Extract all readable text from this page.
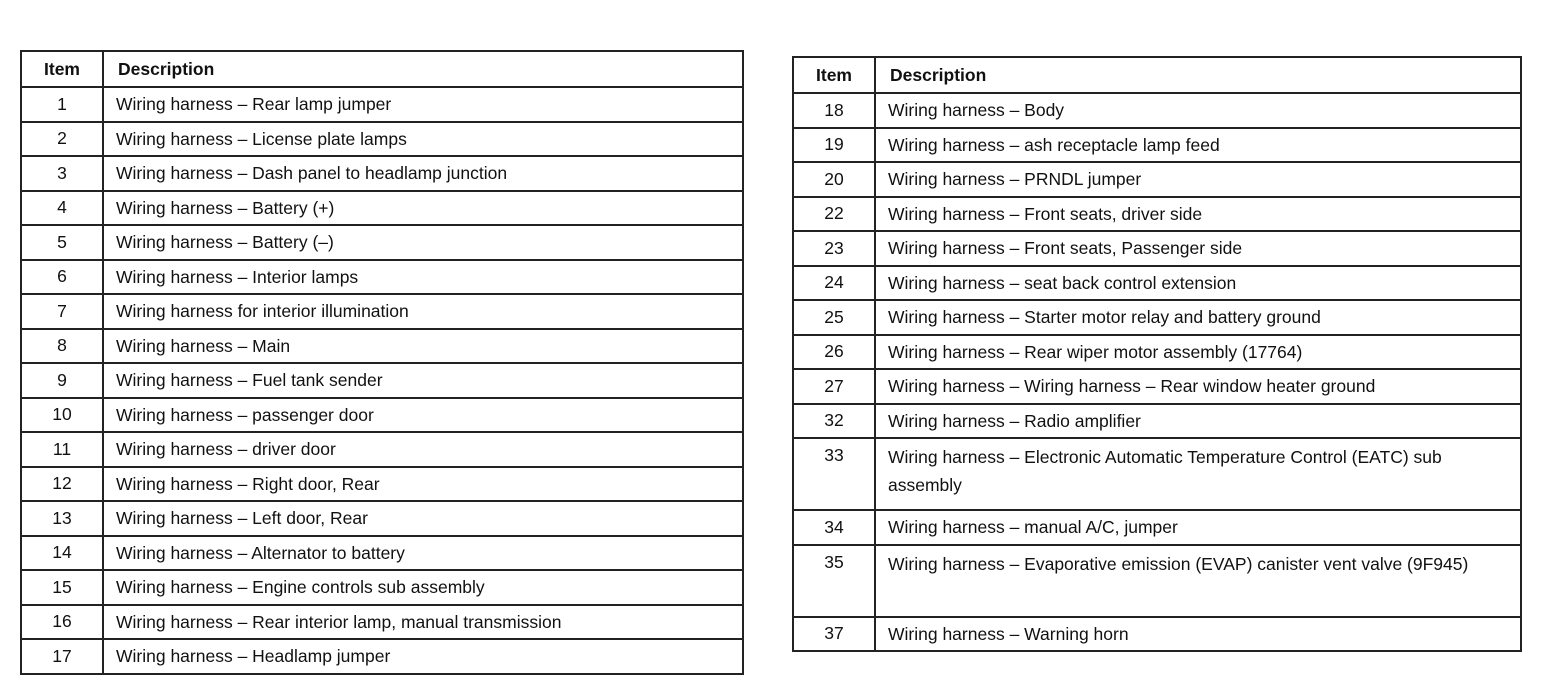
Item	Description
1	Wiring harness – Rear lamp jumper
2	Wiring harness – License plate lamps
3	Wiring harness – Dash panel to headlamp junction
4	Wiring harness – Battery (+)
5	Wiring harness – Battery (–)
6	Wiring harness – Interior lamps
7	Wiring harness for interior illumination
8	Wiring harness – Main
9	Wiring harness – Fuel tank sender
10	Wiring harness – passenger door
11	Wiring harness – driver door
12	Wiring harness – Right door, Rear
13	Wiring harness – Left door, Rear
14	Wiring harness – Alternator to battery
15	Wiring harness – Engine controls sub assembly
16	Wiring harness – Rear interior lamp, manual transmission
17	Wiring harness – Headlamp jumper
Item	Description
18	Wiring harness – Body
19	Wiring harness – ash receptacle lamp feed
20	Wiring harness – PRNDL jumper
22	Wiring harness – Front seats, driver side
23	Wiring harness – Front seats, Passenger side
24	Wiring harness – seat back control extension
25	Wiring harness – Starter motor relay and battery ground
26	Wiring harness – Rear wiper motor assembly (17764)
27	Wiring harness – Wiring harness – Rear window heater ground
32	Wiring harness – Radio amplifier
33	Wiring harness – Electronic Automatic Temperature Control (EATC) sub assembly
34	Wiring harness – manual A/C, jumper
35	Wiring harness – Evaporative emission (EVAP) canister vent valve (9F945)
37	Wiring harness – Warning horn
